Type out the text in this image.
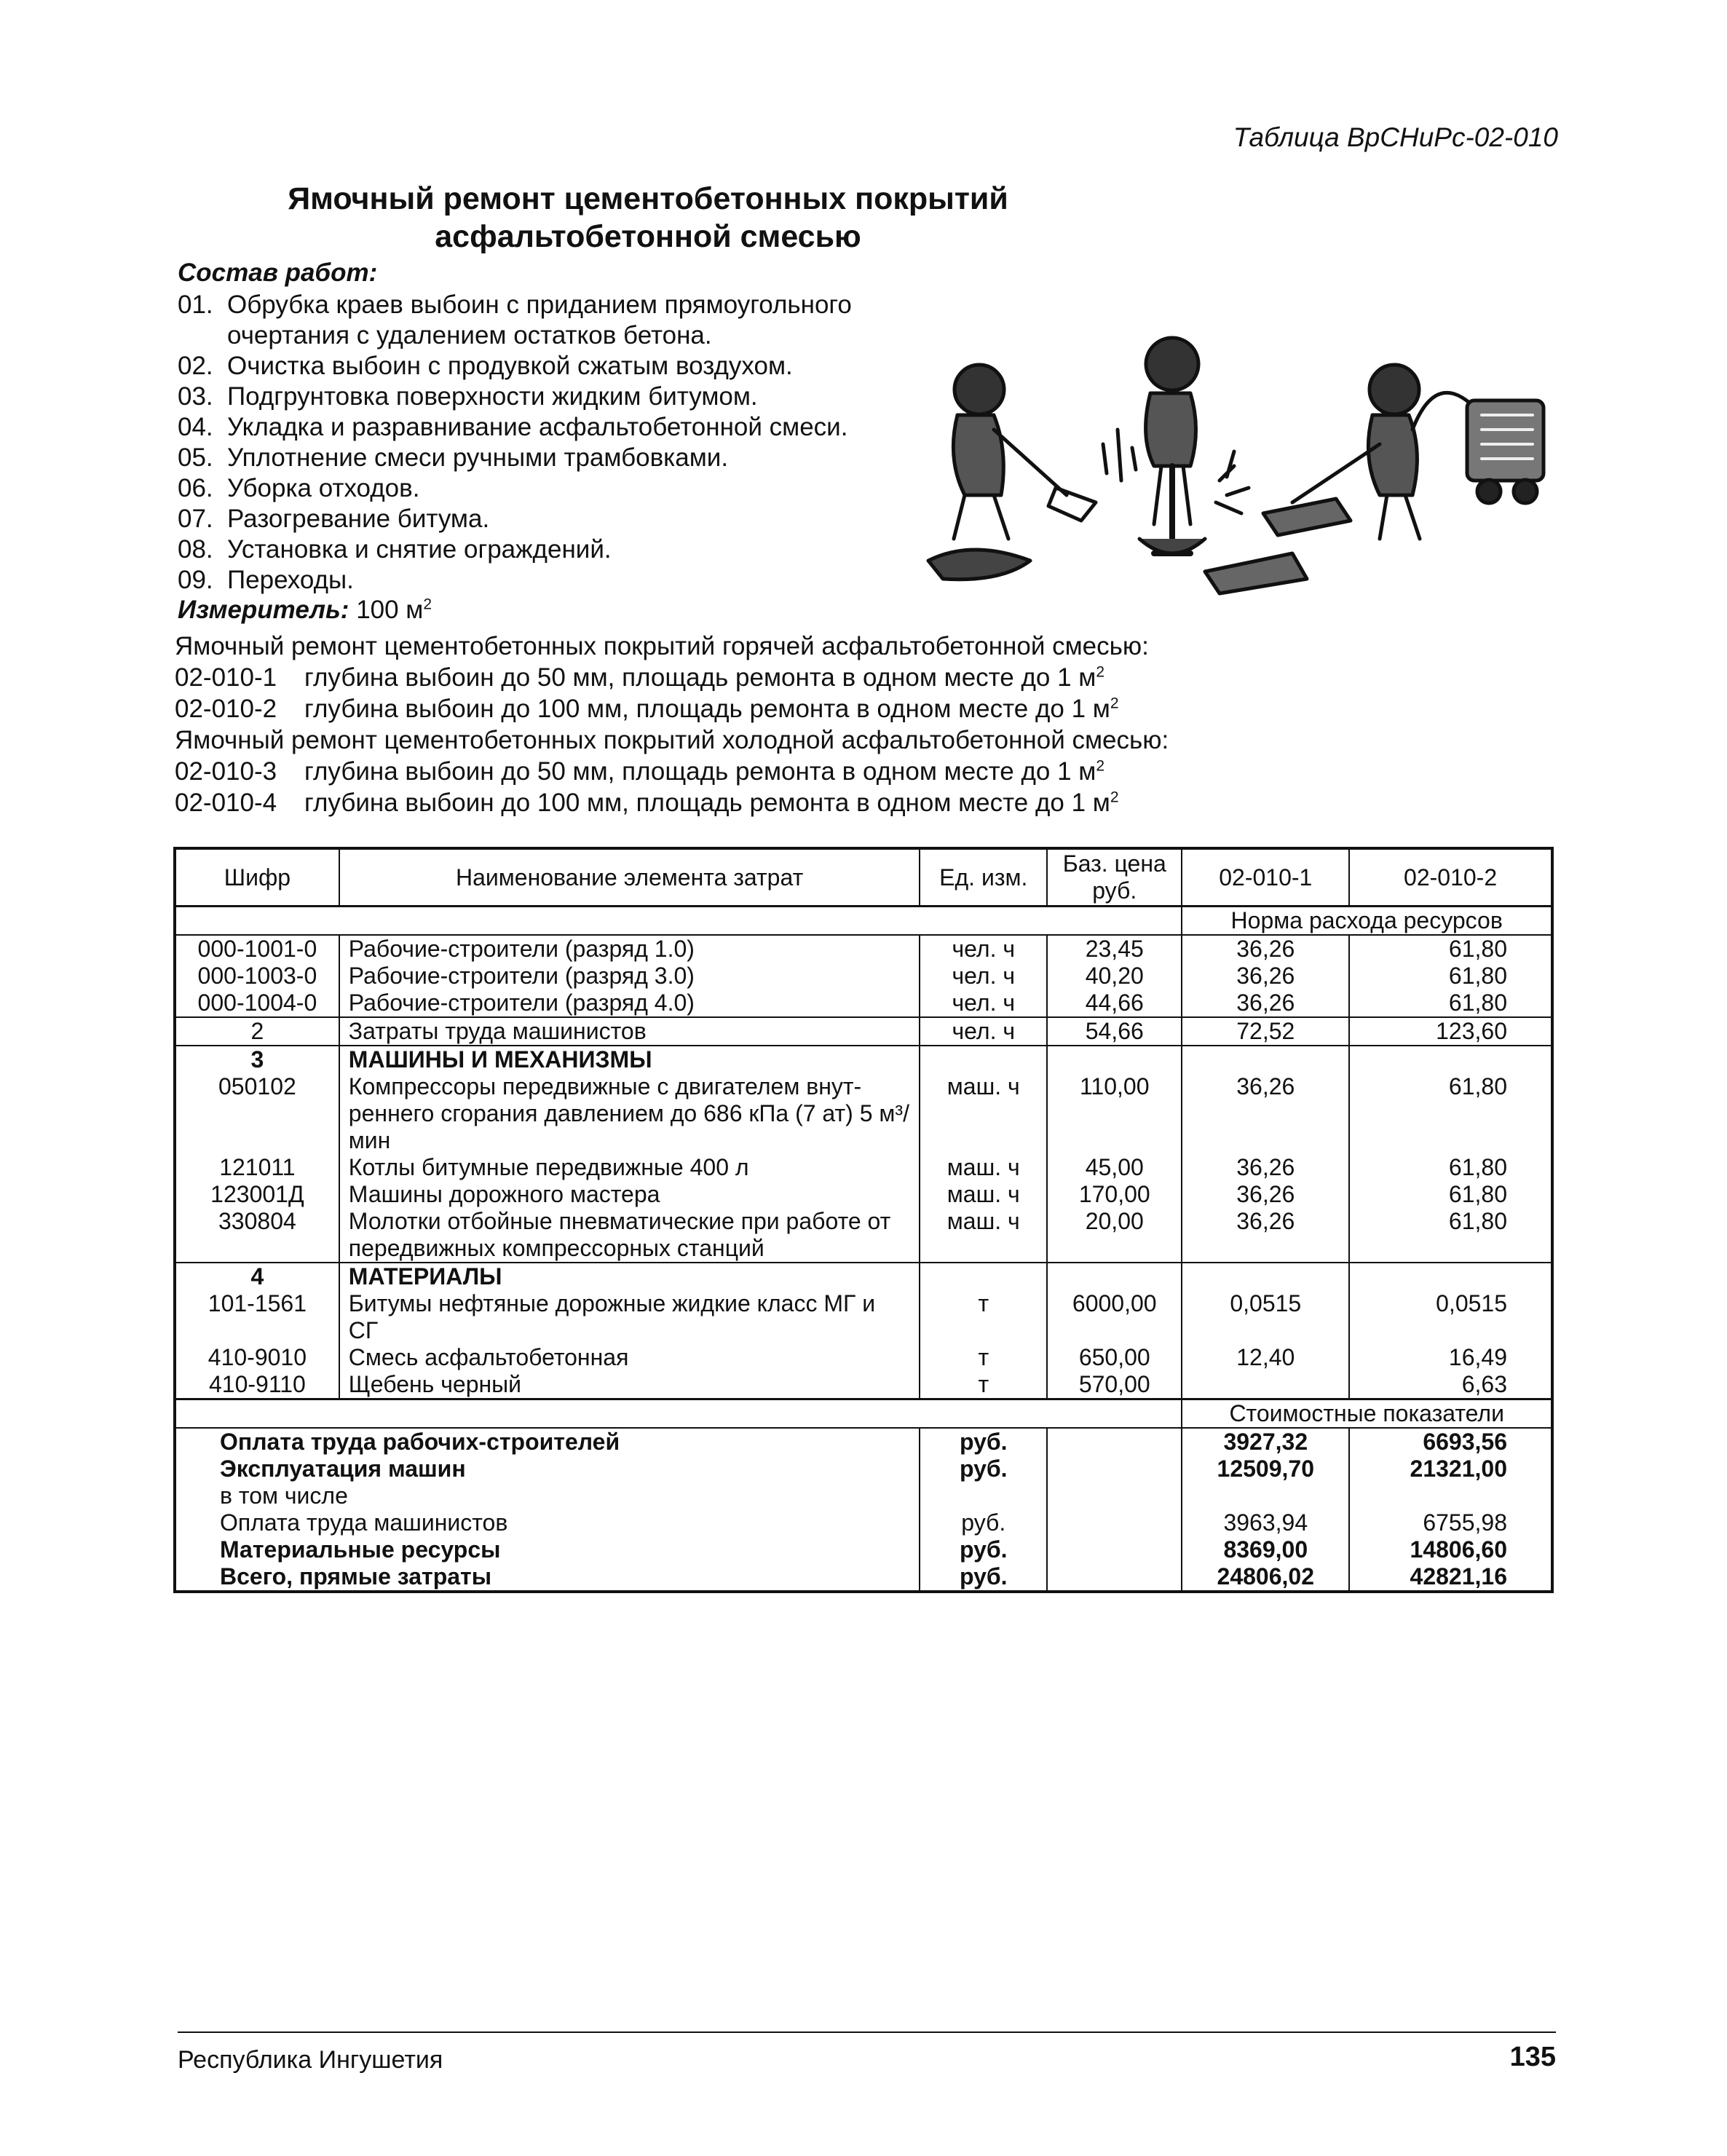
Таблица ВрСНиРс-02-010
Ямочный ремонт цементобетонных покрытий
асфальтобетонной смесью
Состав работ:
01. Обрубка краев выбоин с приданием прямоугольного очертания с удалением остатков бетона.
02. Очистка выбоин с продувкой сжатым воздухом.
03. Подгрунтовка поверхности жидким битумом.
04. Укладка и разравнивание асфальтобетонной смеси.
05. Уплотнение смеси ручными трамбовками.
06. Уборка отходов.
07. Разогревание битума.
08. Установка и снятие ограждений.
09. Переходы.
Измеритель: 100 $м^2$
Ямочный ремонт цементобетонных покрытий горячей асфальтобетонной смесью:
02-010-1 глубина выбоин до 50 мм, площадь ремонта в одном месте до 1 $м^2$
02-010-2 глубина выбоин до 100 мм, площадь ремонта в одном месте до 1 $м^2$
Ямочный ремонт цементобетонных покрытий холодной асфальтобетонной смесью:
02-010-3 глубина выбоин до 50 мм, площадь ремонта в одном месте до 1 $м^2$
02-010-4 глубина выбоин до 100 мм, площадь ремонта в одном месте до 1 $м^2$
Шифр	Наименование элемента затрат	Ед. изм.	Баз. цена руб.	02-010-1	02-010-2
				Норма расхода ресурсов	
000-1001-0	Рабочие-строители (разряд 1.0)	чел. ч	23,45	36,26	61,80
000-1003-0	Рабочие-строители (разряд 3.0)	чел. ч	40,20	36,26	61,80
000-1004-0	Рабочие-строители (разряд 4.0)	чел. ч	44,66	36,26	61,80
2	Затраты труда машинистов	чел. ч	54,66	72,52	123,60
3	МАШИНЫ И МЕХАНИЗМЫ				
050102	Компрессоры передвижные с двигателем внут-реннего сгорания давлением до 686 кПа (7 ат) 5 м³/мин	маш. ч	110,00	36,26	61,80
121011	Котлы битумные передвижные 400 л	маш. ч	45,00	36,26	61,80
123001Д	Машины дорожного мастера	маш. ч	170,00	36,26	61,80
330804	Молотки отбойные пневматические при работе от передвижных компрессорных станций	маш. ч	20,00	36,26	61,80
4	МАТЕРИАЛЫ				
101-1561	Битумы нефтяные дорожные жидкие класс МГ и СГ	т	6000,00	0,0515	0,0515
410-9010	Смесь асфальтобетонная	т	650,00	12,40	16,49
410-9110	Щебень черный	т	570,00		6,63
				Стоимостные показатели	
Оплата труда рабочих-строителей		руб.		3927,32	6693,56
Эксплуатация машин		руб.		12509,70	21321,00
в том числе					
Оплата труда машинистов		руб.		3963,94	6755,98
Материальные ресурсы		руб.		8369,00	14806,60
Всего, прямые затраты		руб.		24806,02	42821,16
Республика Ингушетия	135
